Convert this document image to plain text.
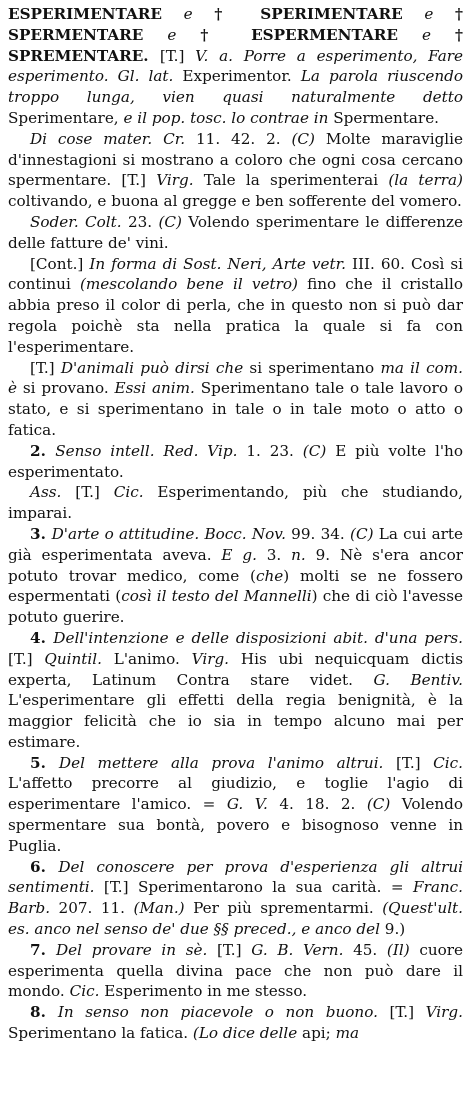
ESPERIMENTARE e † SPERIMENTARE e † SPERMENTARE e † ESPERMENTARE e † SPREMENTARE. [T.] V. a. Porre a esperimento, Fare esperimento. Gl. lat. Experimentor. La parola riuscendo troppo lunga, vien quasi naturalmente detto Sperimentare, e il pop. tosc. lo contrae in Spermentare.

Di cose mater. Cr. 11. 42. 2. (C) Molte maraviglie d'innestagioni si mostrano a coloro che ogni cosa cercano spermentare. [T.] Virg. Tale la sperimenterai (la terra) coltivando, e buona al gregge e ben sofferente del vomero.

Soder. Colt. 23. (C) Volendo sperimentare le differenze delle fatture de' vini.

[Cont.] In forma di Sost. Neri, Arte vetr. III. 60. Così si continui (mescolando bene il vetro) fino che il cristallo abbia preso il color di perla, che in questo non si può dar regola poichè sta nella pratica la quale si fa con l'esperimentare.

[T.] D'animali può dirsi che si sperimentano ma il com. è si provano. Essi anim. Sperimentano tale o tale lavoro o stato, e si sperimentano in tale o in tale moto o atto o fatica.

2. Senso intell. Red. Vip. 1. 23. (C) E più volte l'ho esperimentato.

Ass. [T.] Cic. Esperimentando, più che studiando, imparai.

3. D'arte o attitudine. Bocc. Nov. 99. 34. (C) La cui arte già esperimentata aveva. E g. 3. n. 9. Nè s'era ancor potuto trovar medico, come (che) molti se ne fossero espermentati (così il testo del Mannelli) che di ciò l'avesse potuto guerire.

4. Dell'intenzione e delle disposizioni abit. d'una pers. [T.] Quintil. L'animo. Virg. His ubi nequicquam dictis experta, Latinum Contra stare videt. G. Bentiv. L'esperimentare gli effetti della regia benignità, è la maggior felicità che io sia in tempo alcuno mai per estimare.

5. Del mettere alla prova l'animo altrui. [T.] Cic. L'affetto precorre al giudizio, e toglie l'agio di esperimentare l'amico. = G. V. 4. 18. 2. (C) Volendo spermentare sua bontà, povero e bisognoso venne in Puglia.

6. Del conoscere per prova d'esperienza gli altrui sentimenti. [T.] Sperimentarono la sua carità. = Franc. Barb. 207. 11. (Man.) Per più sprementarmi. (Quest'ult. es. anco nel senso de' due §§ preced., e anco del 9.)

7. Del provare in sè. [T.] G. B. Vern. 45. (Il) cuore esperimenta quella divina pace che non può dare il mondo. Cic. Esperimento in me stesso.

8. In senso non piacevole o non buono. [T.] Virg. Sperimentano la fatica. (Lo dice delle api; ma
